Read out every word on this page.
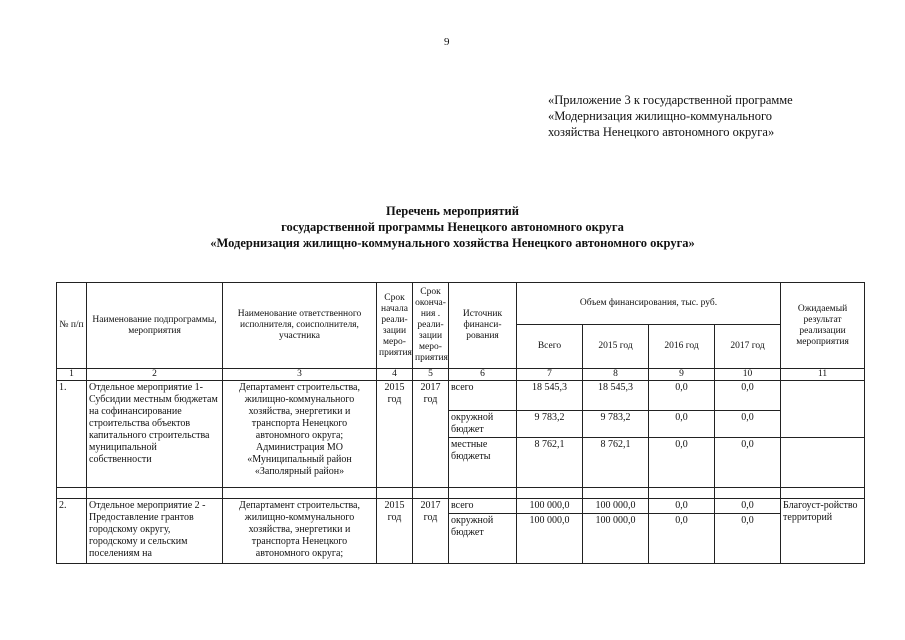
9
«Приложение 3 к государственной программе
«Модернизация жилищно-коммунального
хозяйства Ненецкого автономного округа»
Перечень мероприятий
государственной программы Ненецкого автономного округа
«Модернизация жилищно-коммунального хозяйства Ненецкого автономного округа»
№ п/п	Наименование подпрограммы, мероприятия	Наименование ответственного исполнителя, соисполнителя, участника	Срок начала реали-зации меро-приятия	Срок оконча-ния . реали-зации меро-приятия	Источник финанси-рования	Объем финансирования, тыс. руб.				Ожидаемый результат реализации мероприятия
						Всего	2015 год	2016 год	2017 год	
1	2	3	4	5	6	7	8	9	10	11
1.	Отдельное мероприятие 1- Субсидии местным бюджетам на софинансирование строительства объектов капитального строительства муниципальной собственности	Департамент строительства, жилищно-коммунального хозяйства, энергетики и транспорта Ненецкого автономного округа; Администрация МО «Муниципальный район «Заполярный район»	2015 год	2017 год	всего	18 545,3	18 545,3	0,0	0,0	
					окружной бюджет	9 783,2	9 783,2	0,0	0,0	
					местные бюджеты	8 762,1	8 762,1	0,0	0,0	

2.	Отдельное мероприятие 2 - Предоставление грантов городскому округу, городскому и сельским поселениям на	Департамент строительства, жилищно-коммунального хозяйства, энергетики и транспорта Ненецкого автономного округа;	2015 год	2017 год	всего	100 000,0	100 000,0	0,0	0,0	Благоуст-ройство территорий
					окружной бюджет	100 000,0	100 000,0	0,0	0,0	
